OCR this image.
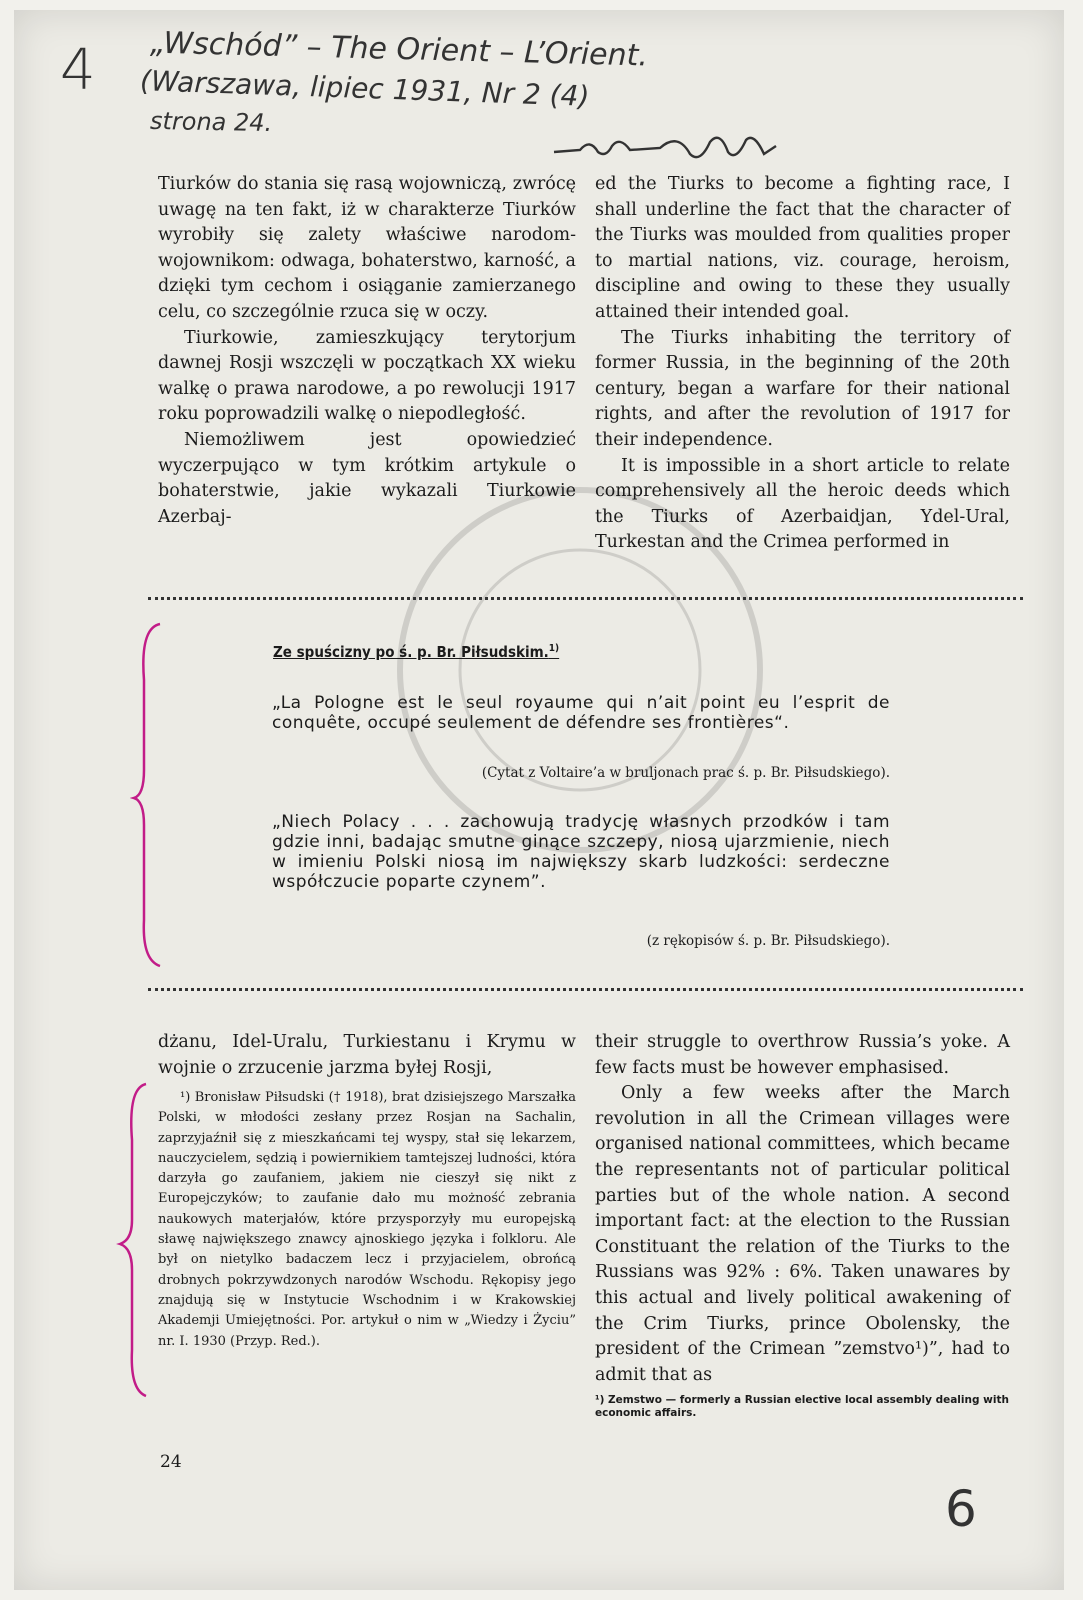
4 „Wschód” – The Orient – L’Orient.
(Warszawa, lipiec 1931, Nr 2 (4)
strona 24.
6

Tiurków do stania się rasą wojowniczą, zwrócę uwagę na ten fakt, iż w charakterze Tiurków wyrobiły się zalety właściwe narodom-wojownikom: odwaga, bohaterstwo, karność, a dzięki tym cechom i osiąganie zamierzanego celu, co szczególnie rzuca się w oczy.

Tiurkowie, zamieszkujący terytorjum dawnej Rosji wszczęli w początkach XX wieku walkę o prawa narodowe, a po rewolucji 1917 roku poprowadzili walkę o niepodległość.

Niemożliwem jest opowiedzieć wyczerpująco w tym krótkim artykule o bohaterstwie, jakie wykazali Tiurkowie Azerbaj-

ed the Tiurks to become a fighting race, I shall underline the fact that the character of the Tiurks was moulded from qualities proper to martial nations, viz. courage, heroism, discipline and owing to these they usually attained their intended goal.

The Tiurks inhabiting the territory of former Russia, in the beginning of the 20th century, began a warfare for their national rights, and after the revolution of 1917 for their independence.

It is impossible in a short article to relate comprehensively all the heroic deeds which the Tiurks of Azerbaidjan, Ydel-Ural, Turkestan and the Crimea performed in

Ze spuścizny po ś. p. Br. Piłsudskim.$^{1)}$
„La Pologne est le seul royaume qui n’ait point eu l’esprit de conquête, occupé seulement de défendre ses frontières“.
(Cytat z Voltaire’a w bruljonach prac ś. p. Br. Piłsudskiego).
„Niech Polacy . . . zachowują tradycję własnych przodków i tam gdzie inni, badając smutne ginące szczepy, niosą ujarzmienie, niech w imieniu Polski niosą im największy skarb ludzkości: serdeczne współczucie poparte czynem”.
(z rękopisów ś. p. Br. Piłsudskiego).
dżanu, Idel-Uralu, Turkiestanu i Krymu w wojnie o zrzucenie jarzma byłej Rosji,

¹) Bronisław Piłsudski († 1918), brat dzisiejszego Marszałka Polski, w młodości zesłany przez Rosjan na Sachalin, zaprzyjaźnił się z mieszkańcami tej wyspy, stał się lekarzem, nauczycielem, sędzią i powiernikiem tamtejszej ludności, która darzyła go zaufaniem, jakiem nie cieszył się nikt z Europejczyków; to zaufanie dało mu możność zebrania naukowych materjałów, które przysporzyły mu europejską sławę największego znawcy ajnoskiego języka i folkloru. Ale był on nietylko badaczem lecz i przyjacielem, obrońcą drobnych pokrzywdzonych narodów Wschodu. Rękopisy jego znajdują się w Instytucie Wschodnim i w Krakowskiej Akademji Umiejętności. Por. artykuł o nim w „Wiedzy i Życiu” nr. I. 1930 (Przyp. Red.).

their struggle to overthrow Russia’s yoke. A few facts must be however emphasised.

Only a few weeks after the March revolution in all the Crimean villages were organised national committees, which became the representants not of particular political parties but of the whole nation. A second important fact: at the election to the Russian Constituant the relation of the Tiurks to the Russians was 92% : 6%. Taken unawares by this actual and lively political awakening of the Crim Tiurks, prince Obolensky, the president of the Crimean ”zemstvo¹)”, had to admit that as

¹) Zemstwo — formerly a Russian elective local assembly dealing with economic affairs.
24
